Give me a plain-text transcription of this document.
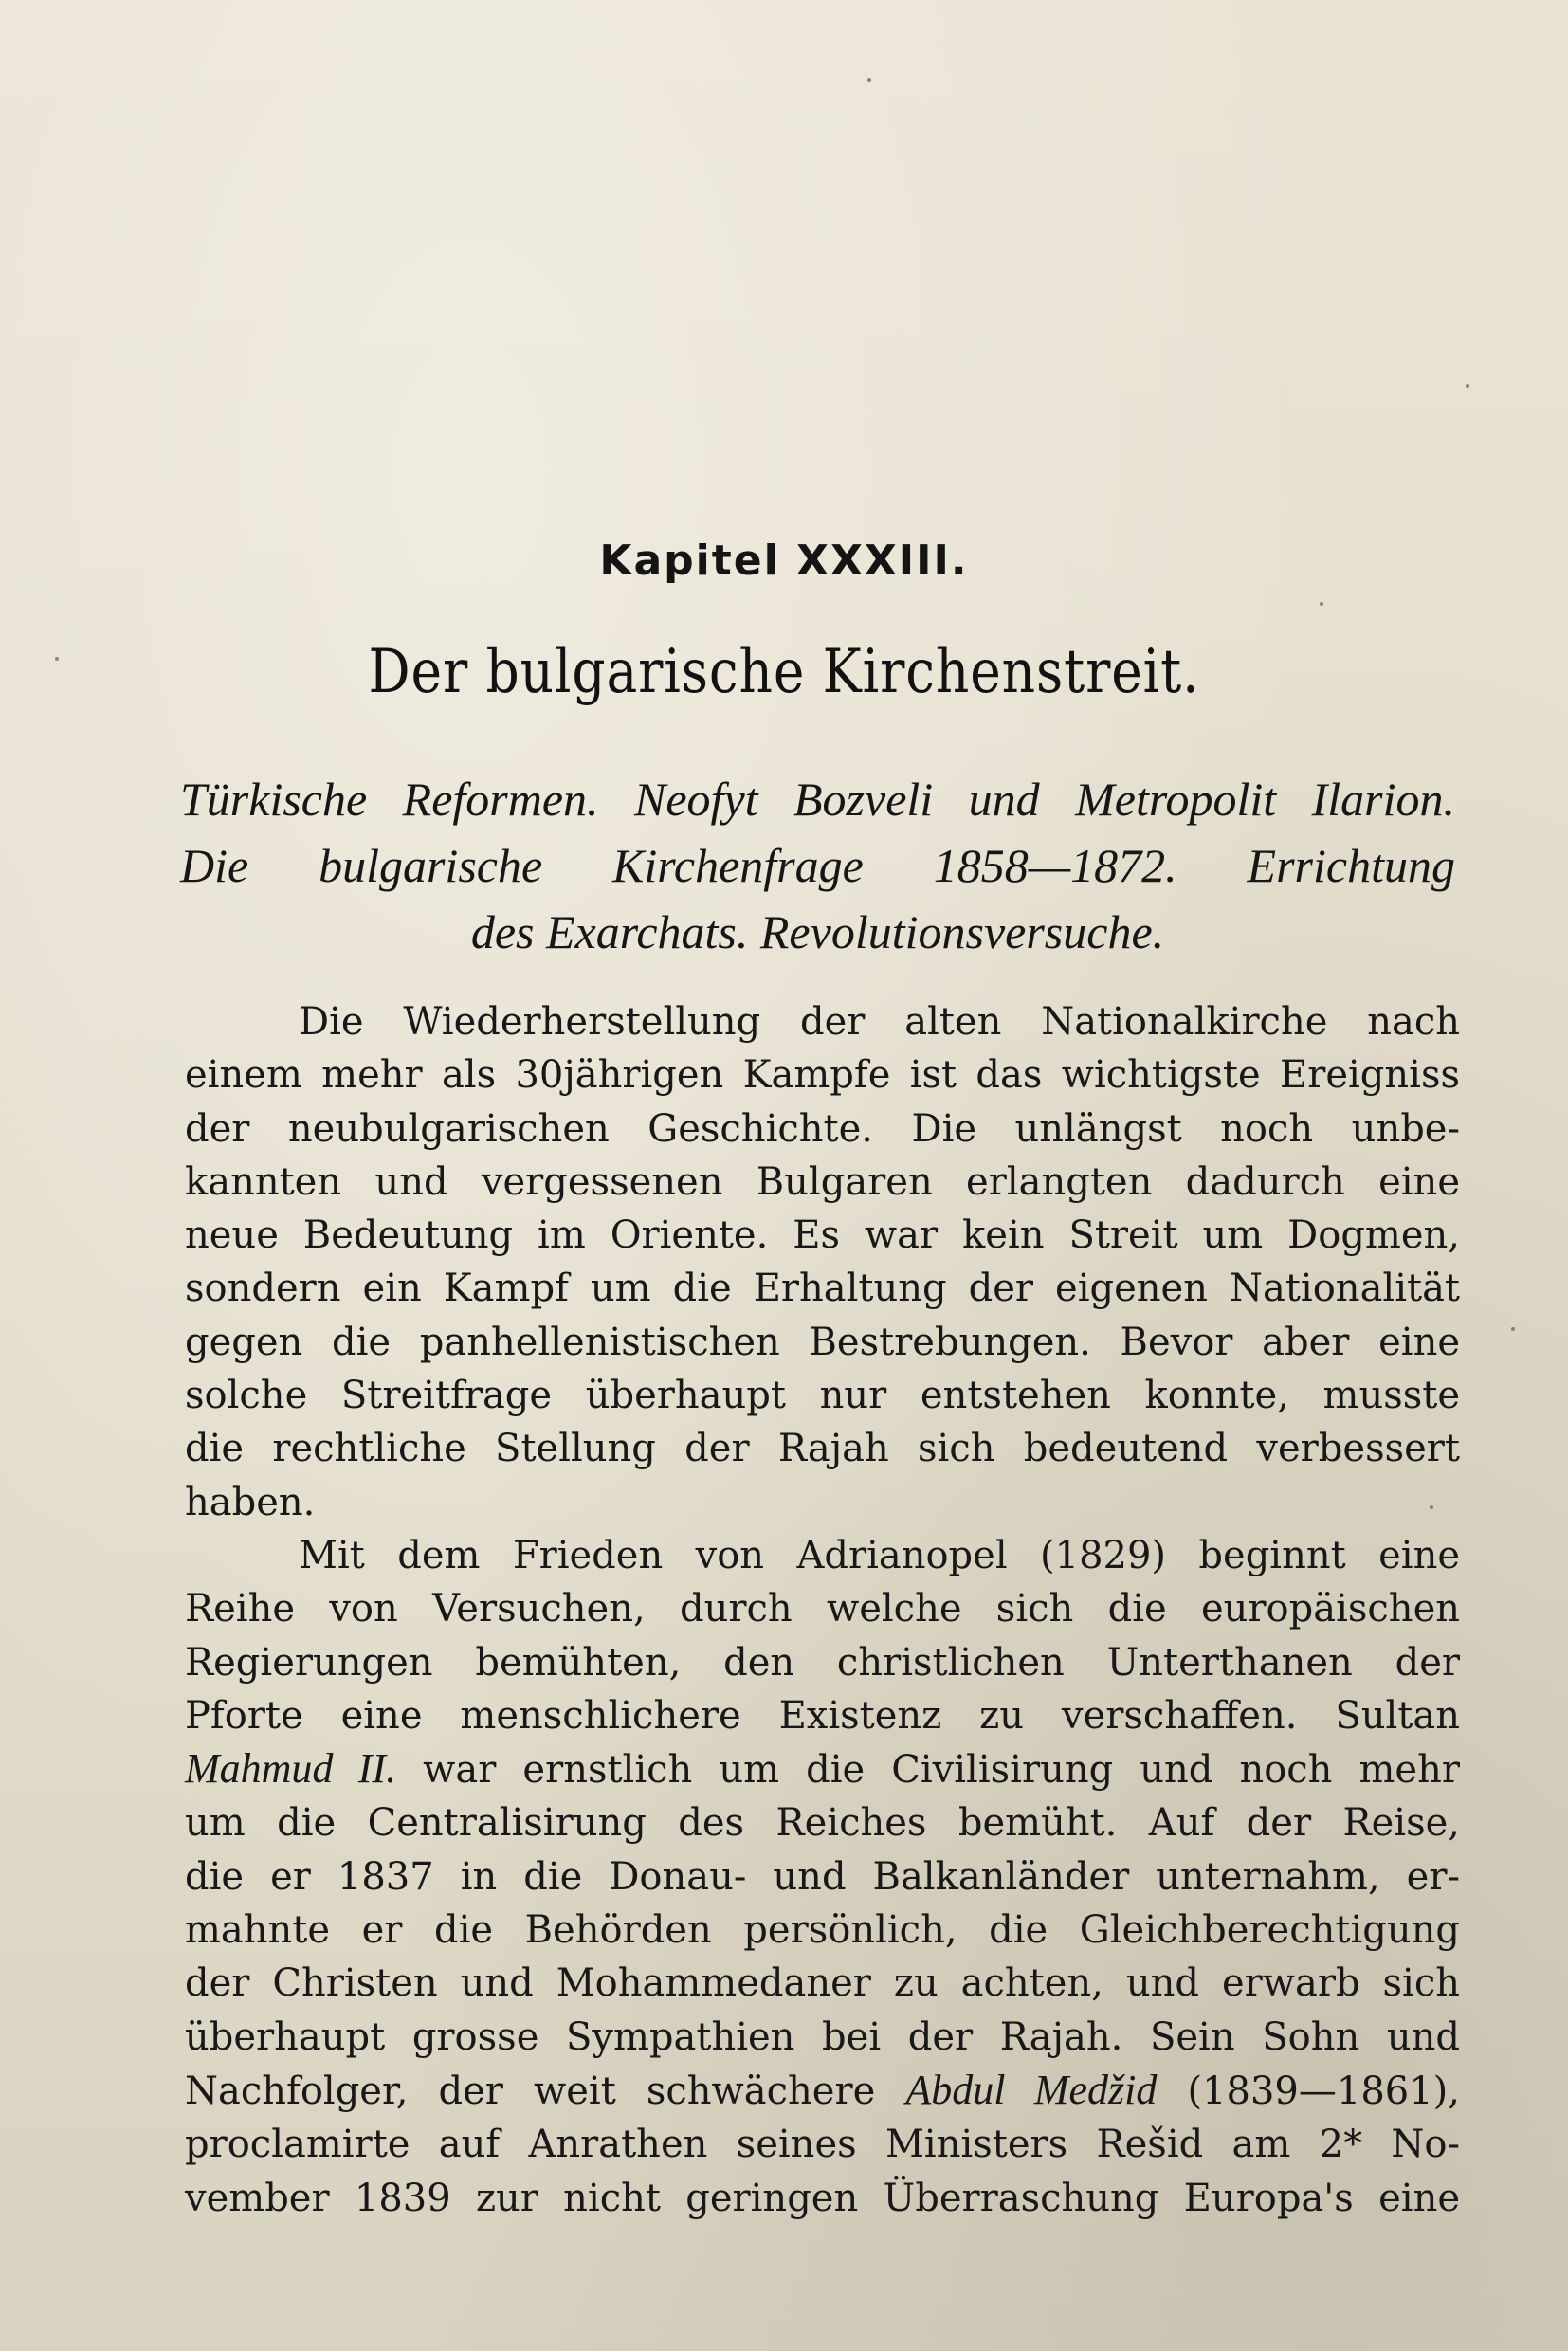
Kapitel XXXIII.
Der bulgarische Kirchenstreit.
Türkische Reformen. Neofyt Bozveli und Metropolit Ilarion.
Die bulgarische Kirchenfrage 1858—1872. Errichtung
des Exarchats. Revolutionsversuche.
Die Wiederherstellung der alten Nationalkirche nach
einem mehr als 30jährigen Kampfe ist das wichtigste Ereigniss
der neubulgarischen Geschichte. Die unlängst noch unbe-
kannten und vergessenen Bulgaren erlangten dadurch eine
neue Bedeutung im Oriente. Es war kein Streit um Dogmen,
sondern ein Kampf um die Erhaltung der eigenen Nationalität
gegen die panhellenistischen Bestrebungen. Bevor aber eine
solche Streitfrage überhaupt nur entstehen konnte, musste
die rechtliche Stellung der Rajah sich bedeutend verbessert
haben.
Mit dem Frieden von Adrianopel (1829) beginnt eine
Reihe von Versuchen, durch welche sich die europäischen
Regierungen bemühten, den christlichen Unterthanen der
Pforte eine menschlichere Existenz zu verschaffen. Sultan
Mahmud II. war ernstlich um die Civilisirung und noch mehr
um die Centralisirung des Reiches bemüht. Auf der Reise,
die er 1837 in die Donau- und Balkanländer unternahm, er-
mahnte er die Behörden persönlich, die Gleichberechtigung
der Christen und Mohammedaner zu achten, und erwarb sich
überhaupt grosse Sympathien bei der Rajah. Sein Sohn und
Nachfolger, der weit schwächere Abdul Medžid (1839—1861),
proclamirte auf Anrathen seines Ministers Rešid am 2* No-
vember 1839 zur nicht geringen Überraschung Europa's eine
